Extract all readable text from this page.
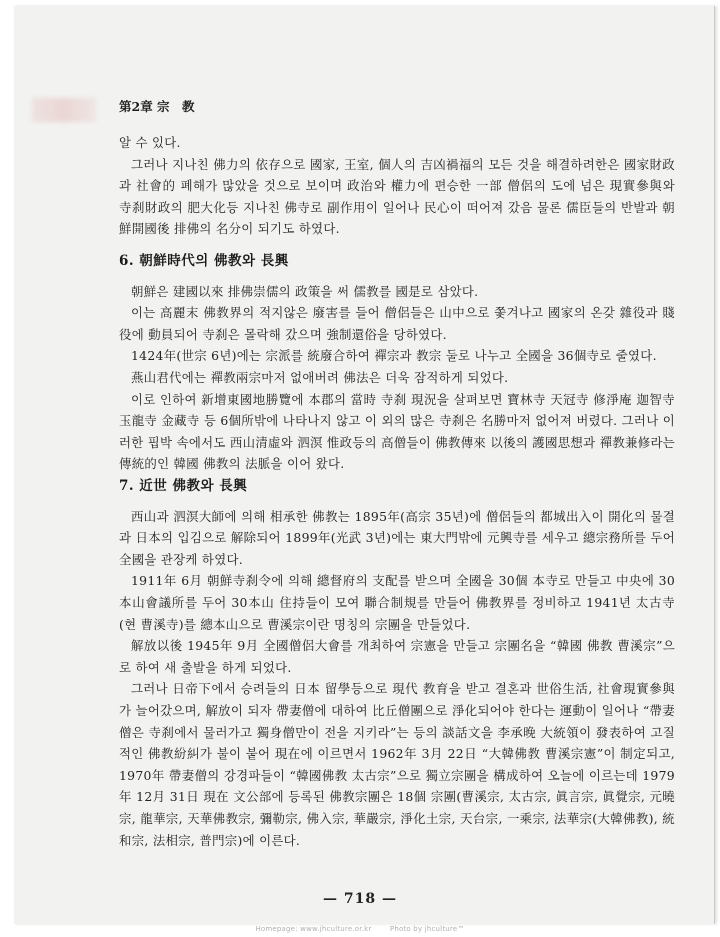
第2章 宗　教

알 수 있다.

그러나 지나친 佛力의 依存으로 國家, 王室, 個人의 吉凶禍福의 모든 것을 해결하려한은 國家財政과 社會的 폐해가 많았을 것으로 보이며 政治와 權力에 편승한 一部 僧侶의 도에 넘은 現實參與와 寺刹財政의 肥大化등 지나친 佛寺로 副作用이 일어나 民心이 떠어져 갔음 물론 儒臣들의 반발과 朝鮮開國後 排佛의 名分이 되기도 하였다.

6. 朝鮮時代의 佛教와 長興

朝鮮은 建國以來 排佛崇儒의 政策을 써 儒教를 國是로 삼았다.

이는 高麗末 佛教界의 적지않은 廢害를 들어 僧侶들은 山中으로 쫓겨나고 國家의 온갖 雜役과 賤役에 動員되어 寺刹은 몰락해 갔으며 強制還俗을 당하였다.

1424年(世宗 6년)에는 宗派를 統廢合하여 禪宗과 教宗 둘로 나누고 全國을 36個寺로 줄였다.

燕山君代에는 禪教兩宗마저 없애버려 佛法은 더욱 잠적하게 되었다.

이로 인하여 新增東國地勝覽에 本郡의 當時 寺刹 現況을 살펴보면 寶林寺 天冠寺 修淨庵 迦智寺 玉龍寺 金藏寺 등 6個所밖에 나타나지 않고 이 외의 많은 寺刹은 名勝마저 없어져 버렸다. 그러나 이러한 핍박 속에서도 西山清虛와 泗溟 惟政등의 高僧들이 佛教傳來 以後의 護國思想과 禪教兼修라는 傳統的인 韓國 佛教의 法脈을 이어 왔다.

7. 近世 佛教와 長興

西山과 泗溟大師에 의해 相承한 佛教는 1895年(高宗 35년)에 僧侶들의 都城出入이 開化의 물결과 日本의 입김으로 解除되어 1899年(光武 3년)에는 東大門밖에 元興寺를 세우고 總宗務所를 두어 全國을 관장케 하였다.

1911年 6月 朝鮮寺刹令에 의해 總督府의 支配를 받으며 全國을 30個 本寺로 만들고 中央에 30本山會議所를 두어 30本山 住持들이 모여 聯合制規를 만들어 佛教界를 정비하고 1941년 太古寺(현 曹溪寺)를 總本山으로 曹溪宗이란 명칭의 宗團을 만들었다.

解放以後 1945年 9月 全國僧侶大會를 개최하여 宗憲을 만들고 宗團名을 “韓國 佛教 曹溪宗”으로 하여 새 출발을 하게 되었다.

그러나 日帝下에서 승려들의 日本 留學등으로 現代 教育을 받고 결혼과 世俗生活, 社會現實參與가 늘어갔으며, 解放이 되자 帶妻僧에 대하여 比丘僧團으로 淨化되어야 한다는 運動이 일어나 “帶妻僧은 寺刹에서 물러가고 獨身僧만이 전을 지키라”는 등의 談話文을 李承晚 大統領이 發表하여 고질적인 佛教紛糾가 불이 붙어 現在에 이르면서 1962年 3月 22日 “大韓佛教 曹溪宗憲”이 制定되고, 1970年 帶妻僧의 강경파들이 “韓國佛教 太古宗”으로 獨立宗團을 構成하여 오늘에 이르는데 1979年 12月 31日 現在 文公部에 등록된 佛教宗團은 18個 宗團(曹溪宗, 太古宗, 眞言宗, 眞覺宗, 元曉宗, 龍華宗, 天華佛教宗, 彌勒宗, 佛入宗, 華嚴宗, 淨化土宗, 天台宗, 一乘宗, 法華宗(大韓佛教), 統和宗, 法相宗, 普門宗)에 이른다.

— 718 —
Homepage: www.jhculture.or.kr	Photo by jhculture™
